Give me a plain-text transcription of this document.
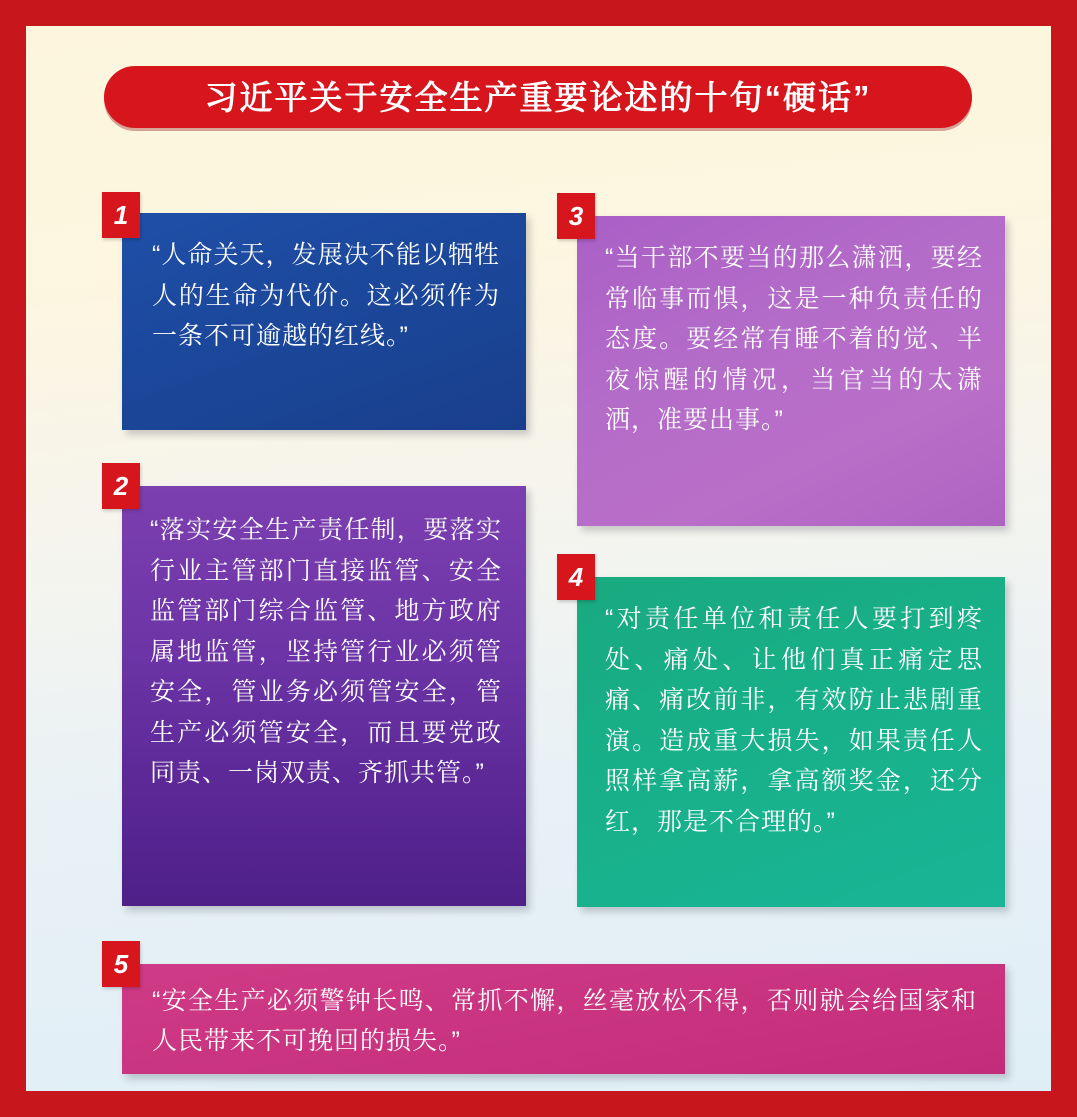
习近平关于安全生产重要论述的十句“硬话”
1

“人命关天，发展决不能以牺牲人的生命为代价。这必须作为一条不可逾越的红线。”

2

“落实安全生产责任制，要落实行业主管部门直接监管、安全监管部门综合监管、地方政府属地监管，坚持管行业必须管安全，管业务必须管安全，管生产必须管安全，而且要党政同责、一岗双责、齐抓共管。”

3

“当干部不要当的那么潇洒，要经常临事而惧，这是一种负责任的态度。要经常有睡不着的觉、半夜惊醒的情况，当官当的太潇洒，准要出事。”

4

“对责任单位和责任人要打到疼处、痛处、让他们真正痛定思痛、痛改前非，有效防止悲剧重演。造成重大损失，如果责任人照样拿高薪，拿高额奖金，还分红，那是不合理的。”

5

“安全生产必须警钟长鸣、常抓不懈，丝毫放松不得，否则就会给国家和人民带来不可挽回的损失。”
